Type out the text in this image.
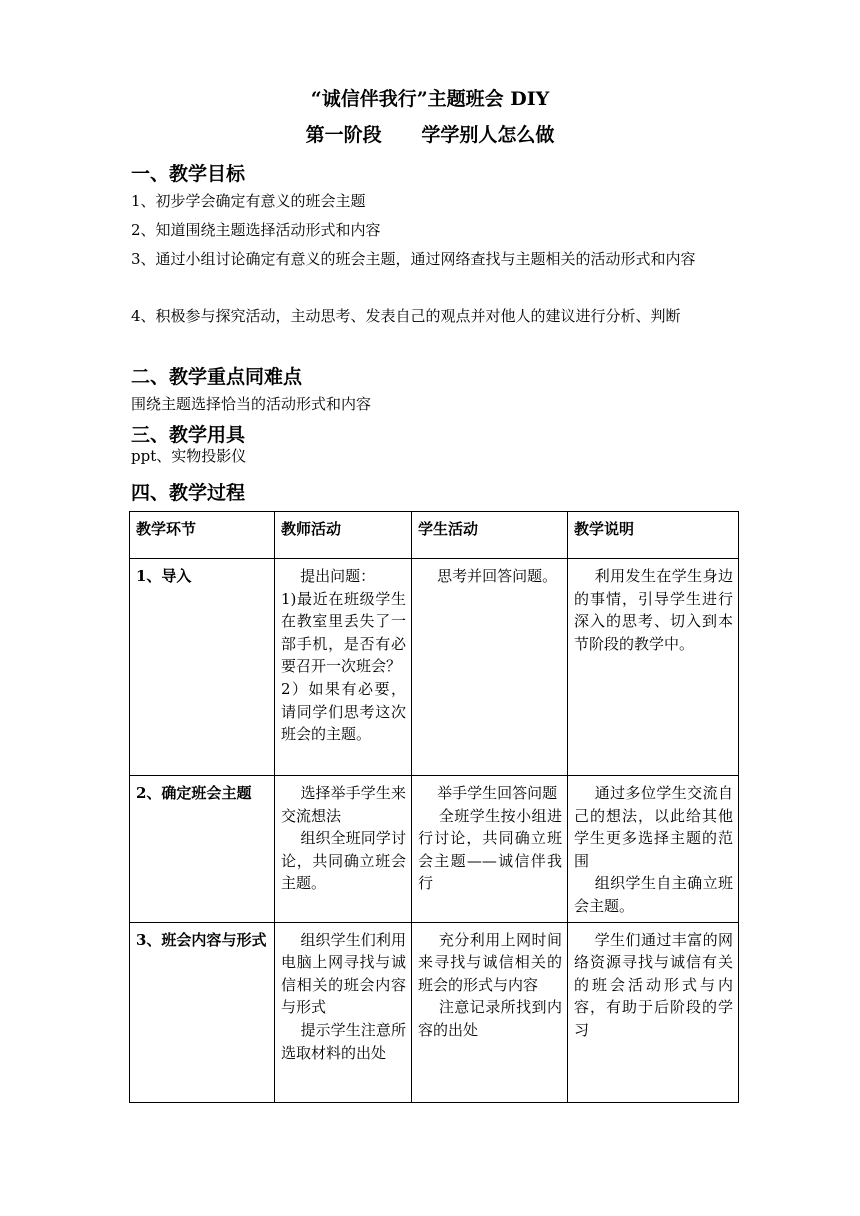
“诚信伴我行”主题班会 DIY
第一阶段      学学别人怎么做
一、教学目标
1、初步学会确定有意义的班会主题
2、知道围绕主题选择活动形式和内容
3、通过小组讨论确定有意义的班会主题，通过网络查找与主题相关的活动形式和内容
4、积极参与探究活动，主动思考、发表自己的观点并对他人的建议进行分析、判断
二、教学重点同难点
围绕主题选择恰当的活动形式和内容
三、教学用具
ppt、实物投影仪
四、教学过程
教学环节	教师活动	学生活动	教学说明
1、导入	提出问题：
1)最近在班级学生在教室里丢失了一部手机，是否有必要召开一次班会？
2）如果有必要，请同学们思考这次班会的主题。	思考并回答问题。	利用发生在学生身边的事情，引导学生进行深入的思考、切入到本节阶段的教学中。
2、确定班会主题	选择举手学生来交流想法
组织全班同学讨论，共同确立班会主题。	举手学生回答问题
全班学生按小组进行讨论，共同确立班会主题——诚信伴我行	通过多位学生交流自己的想法，以此给其他学生更多选择主题的范围
组织学生自主确立班会主题。
3、班会内容与形式	组织学生们利用电脑上网寻找与诚信相关的班会内容与形式
提示学生注意所选取材料的出处	充分利用上网时间来寻找与诚信相关的班会的形式与内容
注意记录所找到内容的出处	学生们通过丰富的网络资源寻找与诚信有关的班会活动形式与内容，有助于后阶段的学习
